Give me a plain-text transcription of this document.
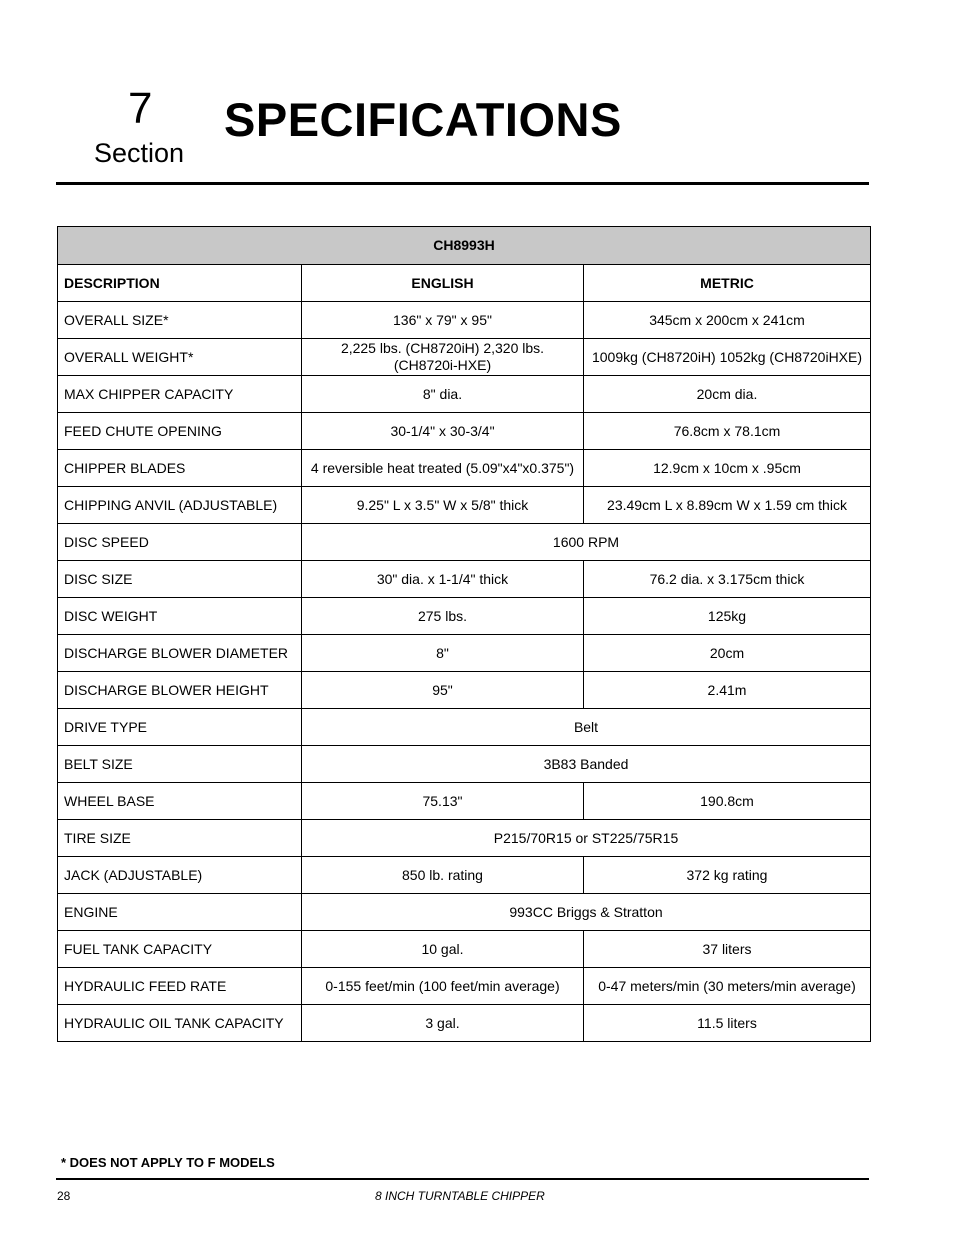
7
Section
SPECIFICATIONS
CH8993H		
DESCRIPTION	ENGLISH	METRIC
OVERALL SIZE*	136" x 79" x 95"	345cm x 200cm x 241cm
OVERALL WEIGHT*	2,225 lbs. (CH8720iH) 2,320 lbs. (CH8720i-HXE)	1009kg (CH8720iH) 1052kg (CH8720iHXE)
MAX CHIPPER CAPACITY	8" dia.	20cm dia.
FEED CHUTE OPENING	30-1/4" x 30-3/4"	76.8cm x 78.1cm
CHIPPER BLADES	4 reversible heat treated (5.09"x4"x0.375")	12.9cm x 10cm x .95cm
CHIPPING ANVIL (ADJUSTABLE)	9.25" L x 3.5" W x 5/8" thick	23.49cm L x 8.89cm W x 1.59 cm thick
DISC SPEED	1600 RPM	
DISC SIZE	30" dia. x 1-1/4" thick	76.2 dia. x 3.175cm thick
DISC WEIGHT	275 lbs.	125kg
DISCHARGE BLOWER DIAMETER	8"	20cm
DISCHARGE BLOWER HEIGHT	95"	2.41m
DRIVE TYPE	Belt	
BELT SIZE	3B83 Banded	
WHEEL BASE	75.13"	190.8cm
TIRE SIZE	P215/70R15 or ST225/75R15	
JACK (ADJUSTABLE)	850 lb. rating	372 kg rating
ENGINE	993CC Briggs & Stratton	
FUEL TANK CAPACITY	10 gal.	37 liters
HYDRAULIC FEED RATE	0-155 feet/min (100 feet/min average)	0-47 meters/min (30 meters/min average)
HYDRAULIC OIL TANK CAPACITY	3 gal.	11.5 liters
* DOES NOT APPLY TO F MODELS
28	8 INCH TURNTABLE CHIPPER
